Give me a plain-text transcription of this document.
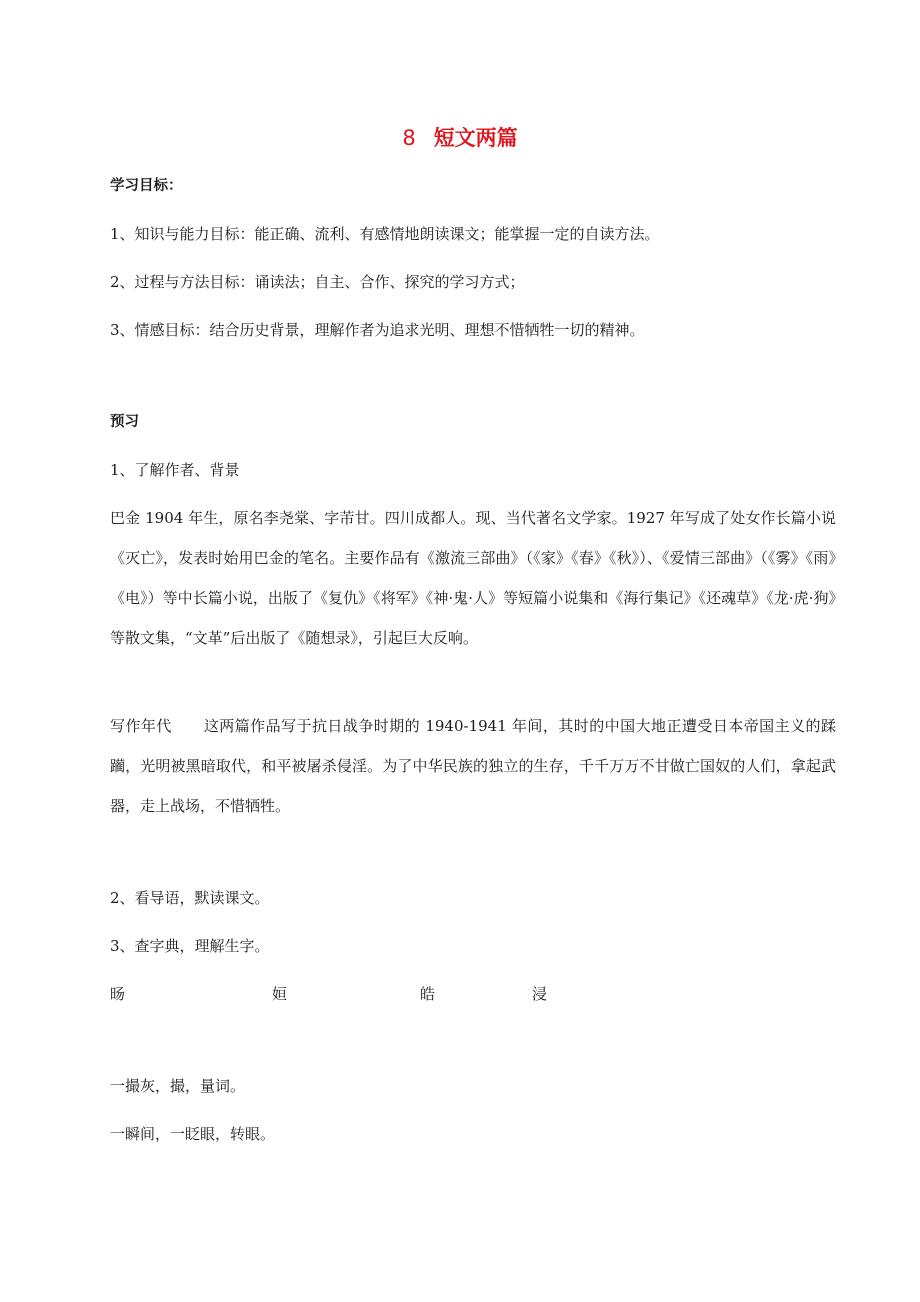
8 短文两篇
学习目标：
1、知识与能力目标：能正确、流利、有感情地朗读课文；能掌握一定的自读方法。
2、过程与方法目标：诵读法；自主、合作、探究的学习方式；
3、情感目标：结合历史背景，理解作者为追求光明、理想不惜牺牲一切的精神。
预习
1、了解作者、背景
巴金 1904 年生，原名李尧棠、字芾甘。四川成都人。现、当代著名文学家。1927 年写成了处女作长篇小说《灭亡》，发表时始用巴金的笔名。主要作品有《激流三部曲》（《家》《春》《秋》）、《爱情三部曲》（《雾》《雨》《电》）等中长篇小说，出版了《复仇》《将军》《神·鬼·人》等短篇小说集和《海行集记》《还魂草》《龙·虎·狗》等散文集，“文革”后出版了《随想录》，引起巨大反响。
写作年代 这两篇作品写于抗日战争时期的 1940-1941 年间，其时的中国大地正遭受日本帝国主义的蹂躏，光明被黑暗取代，和平被屠杀侵淫。为了中华民族的独立的生存，千千万万不甘做亡国奴的人们，拿起武器，走上战场，不惜牺牲。
2、看导语，默读课文。
3、查字典，理解生字。
旸	姮	皓	浸
一撮灰，撮，量词。
一瞬间，一眨眼，转眼。
